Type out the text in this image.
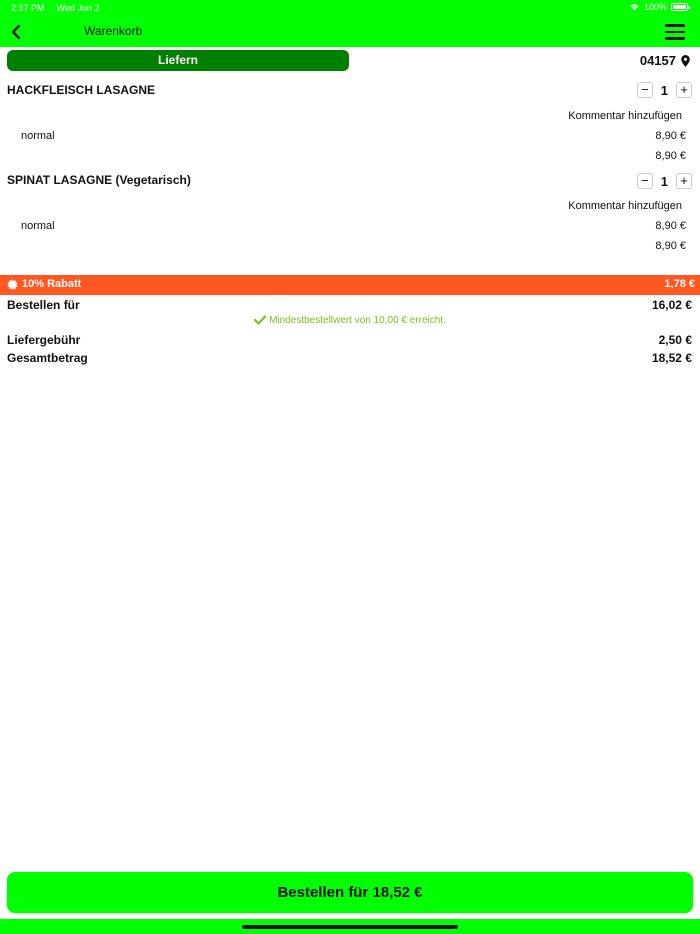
2:37 PM Wed Jun 2	100%
Warenkorb
Liefern	04157
HACKFLEISCH LASAGNE	− 1 +
Kommentar hinzufügen
normal	8,90 €
8,90 €
SPINAT LASAGNE (Vegetarisch)	− 1 +
Kommentar hinzufügen
normal	8,90 €
8,90 €
10% Rabatt	1,78 €
Bestellen für	16,02 €
Mindestbestellwert von 10,00 € erreicht.
Liefergebühr	2,50 €
Gesamtbetrag	18,52 €
Bestellen für 18,52 €
